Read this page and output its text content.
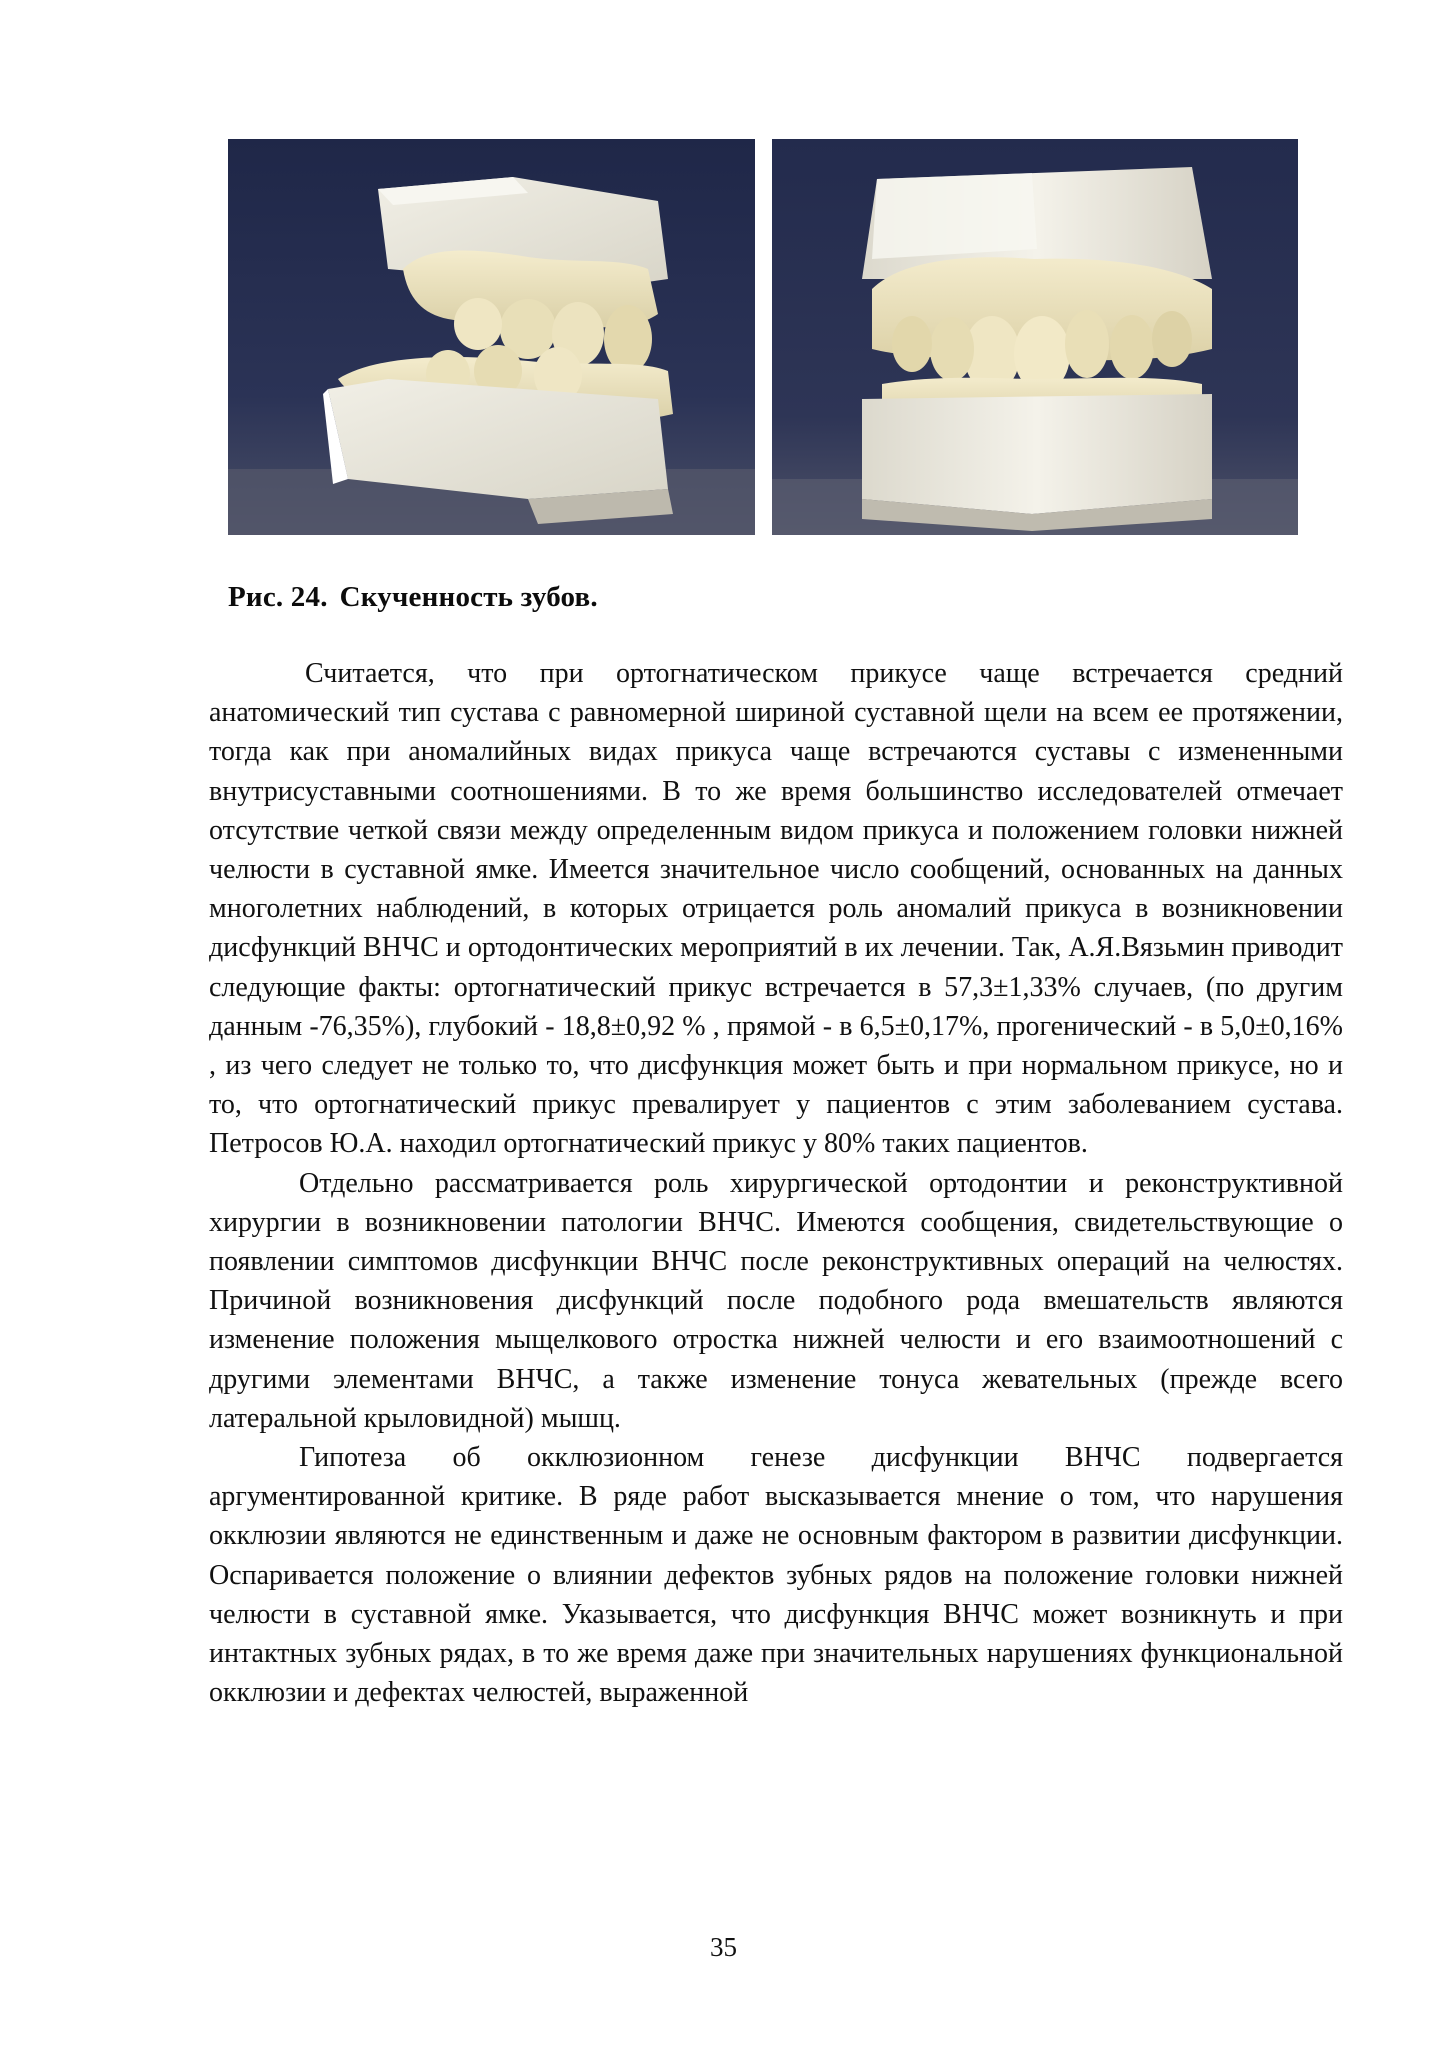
Рис. 24. Скученность зубов.

Считается, что при ортогнатическом прикусе чаще встречается средний анатомический тип сустава с равномерной шириной суставной щели на всем ее протяжении, тогда как при аномалийных видах прикуса чаще встречаются суставы с измененными внутрисуставными соотношениями. В то же время большинство исследователей отмечает отсутствие четкой связи между определенным видом прикуса и положением головки нижней челюсти в суставной ямке. Имеется значительное число сообщений, основанных на данных многолетних наблюдений, в которых отрицается роль аномалий прикуса в возникновении дисфункций ВНЧС и ортодонтических мероприятий в их лечении. Так, А.Я.Вязьмин приводит следующие факты: ортогнатический прикус встречается в 57,3±1,33% случаев, (по другим данным -76,35%), глубокий - 18,8±0,92 % , прямой - в 6,5±0,17%, прогенический - в 5,0±0,16% , из чего следует не только то, что дисфункция может быть и при нормальном прикусе, но и то, что ортогнатический прикус превалирует у пациентов с этим заболеванием сустава. Петросов Ю.А. находил ортогнатический прикус у 80% таких пациентов.

Отдельно рассматривается роль хирургической ортодонтии и реконструктивной хирургии в возникновении патологии ВНЧС. Имеются сообщения, свидетельствующие о появлении симптомов дисфункции ВНЧС после реконструктивных операций на челюстях. Причиной возникновения дисфункций после подобного рода вмешательств являются изменение положения мыщелкового отростка нижней челюсти и его взаимоотношений с другими элементами ВНЧС, а также изменение тонуса жевательных (прежде всего латеральной крыловидной) мышц.

Гипотеза об окклюзионном генезе дисфункции ВНЧС подвергается аргументированной критике. В ряде работ высказывается мнение о том, что нарушения окклюзии являются не единственным и даже не основным фактором в развитии дисфункции. Оспаривается положение о влиянии дефектов зубных рядов на положение головки нижней челюсти в суставной ямке. Указывается, что дисфункция ВНЧС может возникнуть и при интактных зубных рядах, в то же время даже при значительных нарушениях функциональной окклюзии и дефектах челюстей, выраженной

35
